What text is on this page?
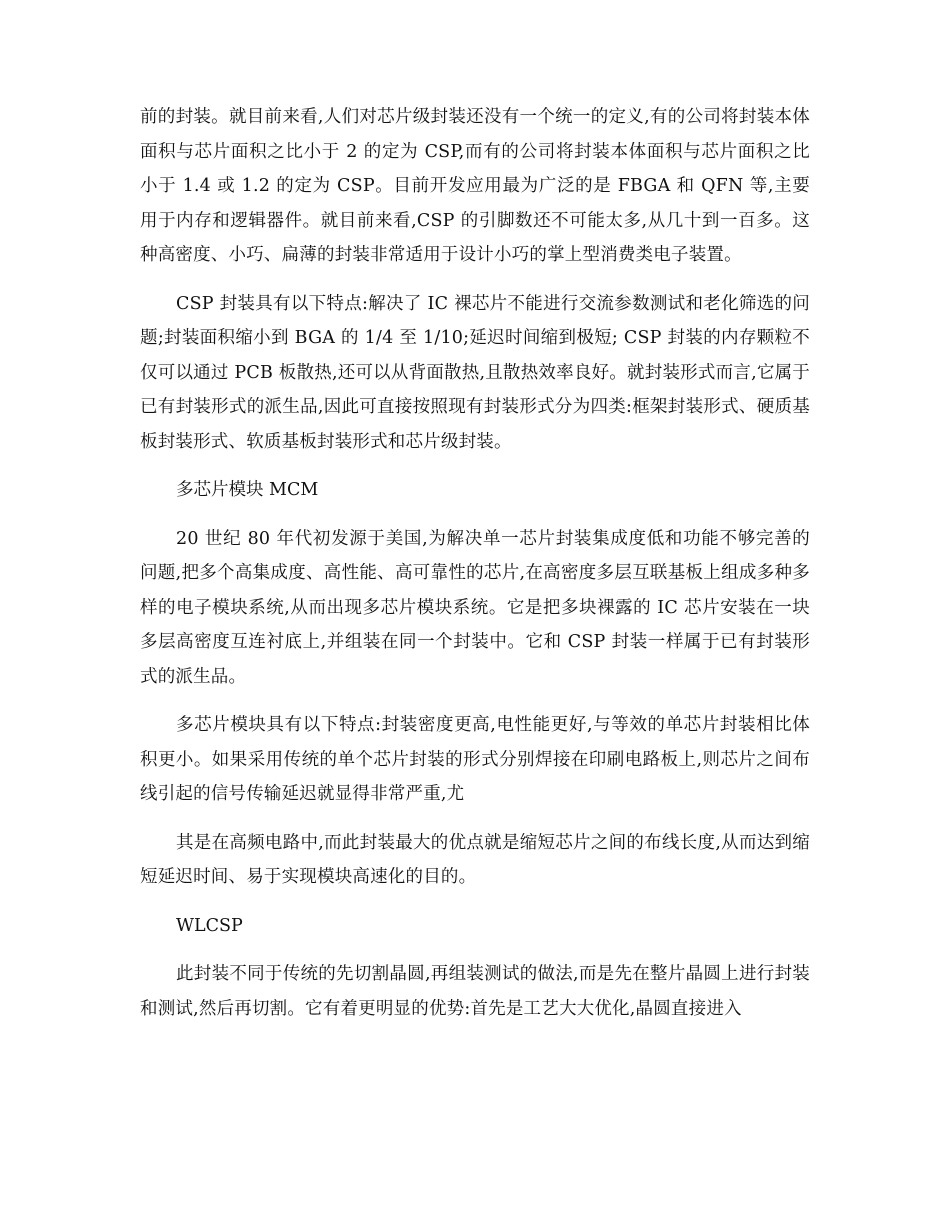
前的封装。就目前来看,人们对芯片级封装还没有一个统一的定义,有的公司将封装本体面积与芯片面积之比小于 2 的定为 CSP,而有的公司将封装本体面积与芯片面积之比小于 1.4 或 1.2 的定为 CSP。目前开发应用最为广泛的是 FBGA 和 QFN 等,主要用于内存和逻辑器件。就目前来看,CSP 的引脚数还不可能太多,从几十到一百多。这种高密度、小巧、扁薄的封装非常适用于设计小巧的掌上型消费类电子装置。

CSP 封装具有以下特点:解决了 IC 裸芯片不能进行交流参数测试和老化筛选的问题;封装面积缩小到 BGA 的 1/4 至 1/10;延迟时间缩到极短; CSP 封装的内存颗粒不仅可以通过 PCB 板散热,还可以从背面散热,且散热效率良好。就封装形式而言,它属于已有封装形式的派生品,因此可直接按照现有封装形式分为四类:框架封装形式、硬质基板封装形式、软质基板封装形式和芯片级封装。

多芯片模块 MCM

20 世纪 80 年代初发源于美国,为解决单一芯片封装集成度低和功能不够完善的问题,把多个高集成度、高性能、高可靠性的芯片,在高密度多层互联基板上组成多种多样的电子模块系统,从而出现多芯片模块系统。它是把多块裸露的 IC 芯片安装在一块多层高密度互连衬底上,并组装在同一个封装中。它和 CSP 封装一样属于已有封装形式的派生品。

多芯片模块具有以下特点:封装密度更高,电性能更好,与等效的单芯片封装相比体积更小。如果采用传统的单个芯片封装的形式分别焊接在印刷电路板上,则芯片之间布线引起的信号传输延迟就显得非常严重,尤

其是在高频电路中,而此封装最大的优点就是缩短芯片之间的布线长度,从而达到缩短延迟时间、易于实现模块高速化的目的。

WLCSP

此封装不同于传统的先切割晶圆,再组装测试的做法,而是先在整片晶圆上进行封装和测试,然后再切割。它有着更明显的优势:首先是工艺大大优化,晶圆直接进入
